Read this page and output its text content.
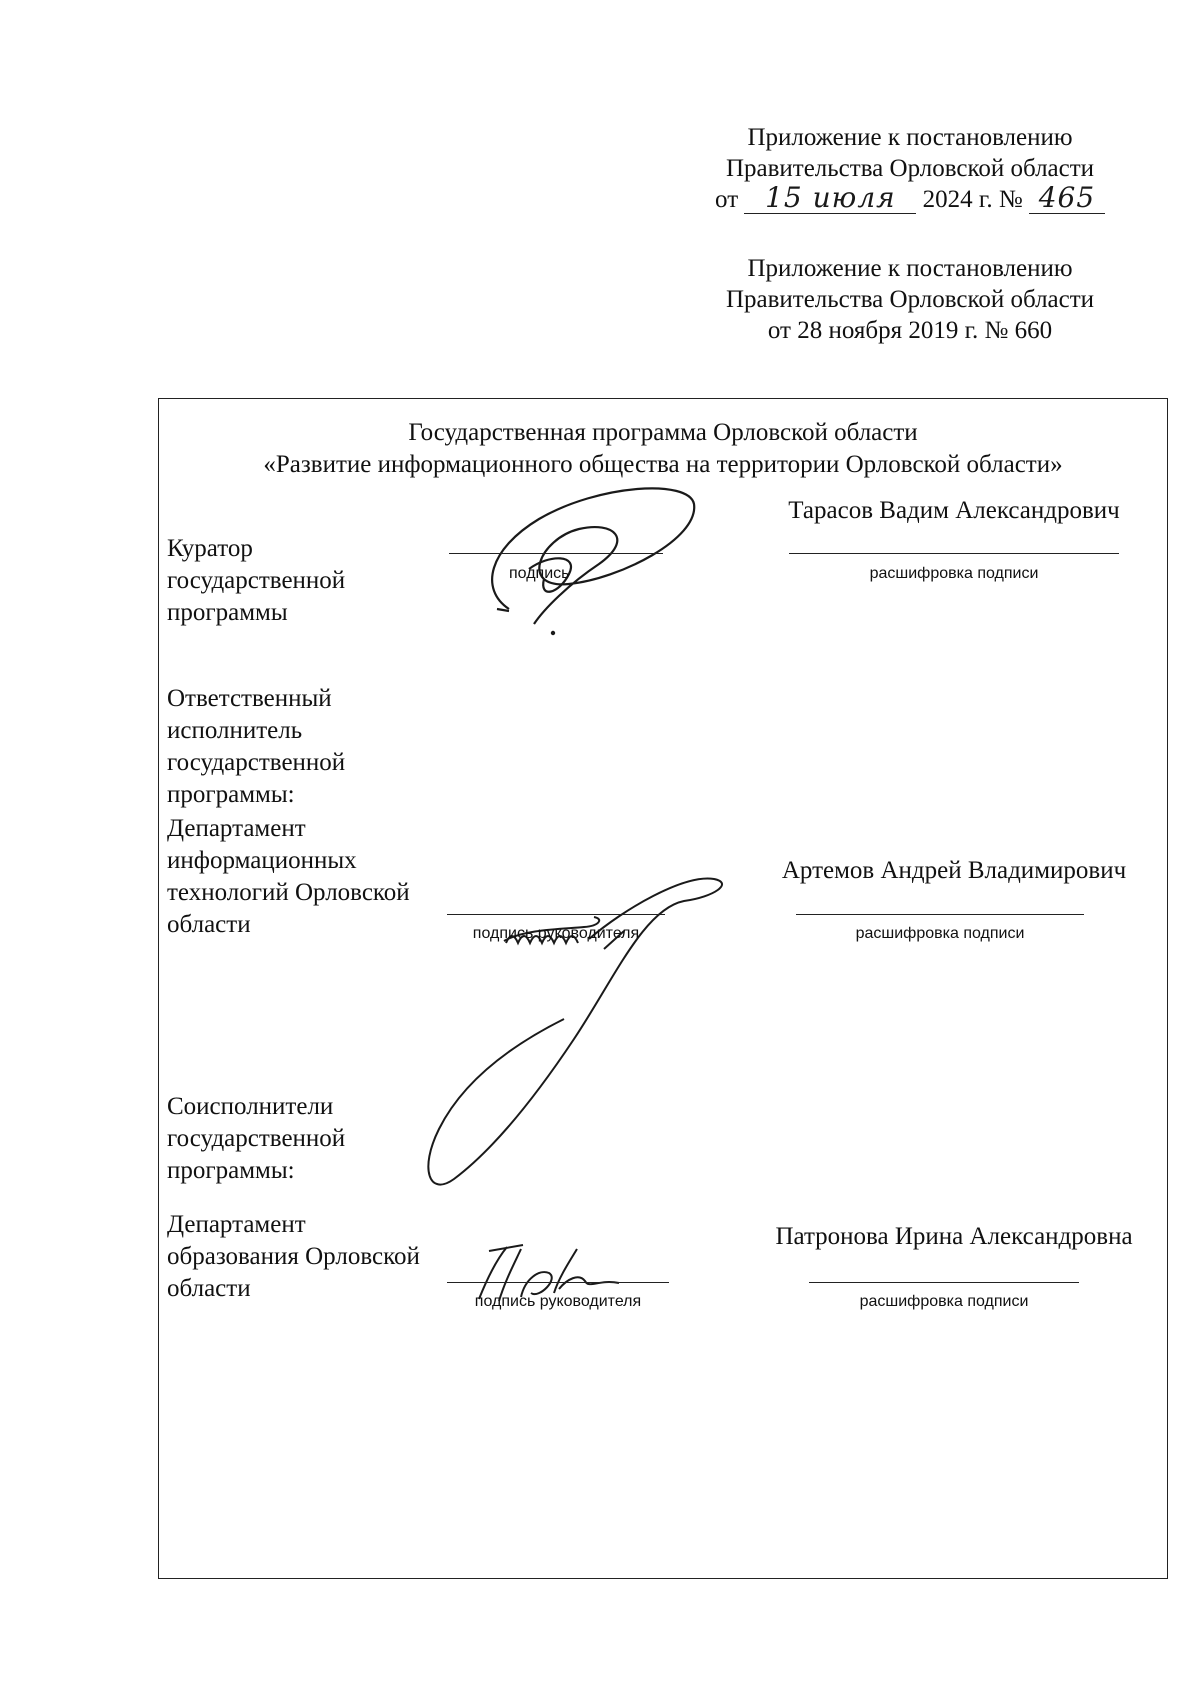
Приложение к постановлению
Правительства Орловской области
от 15 июля 2024 г. № 465
Приложение к постановлению
Правительства Орловской области
от 28 ноября 2019 г. № 660
Государственная программа Орловской области
«Развитие информационного общества на территории Орловской области»
Куратор
государственной
программы
подпись
Тарасов Вадим Александрович
расшифровка подписи
Ответственный
исполнитель
государственной
программы:
Департамент
информационных
технологий Орловской
области	подпись руководителя
Артемов Андрей Владимирович
расшифровка подписи
Соисполнители
государственной
программы:
Департамент
образования Орловской
области	подпись руководителя
Патронова Ирина Александровна
расшифровка подписи
